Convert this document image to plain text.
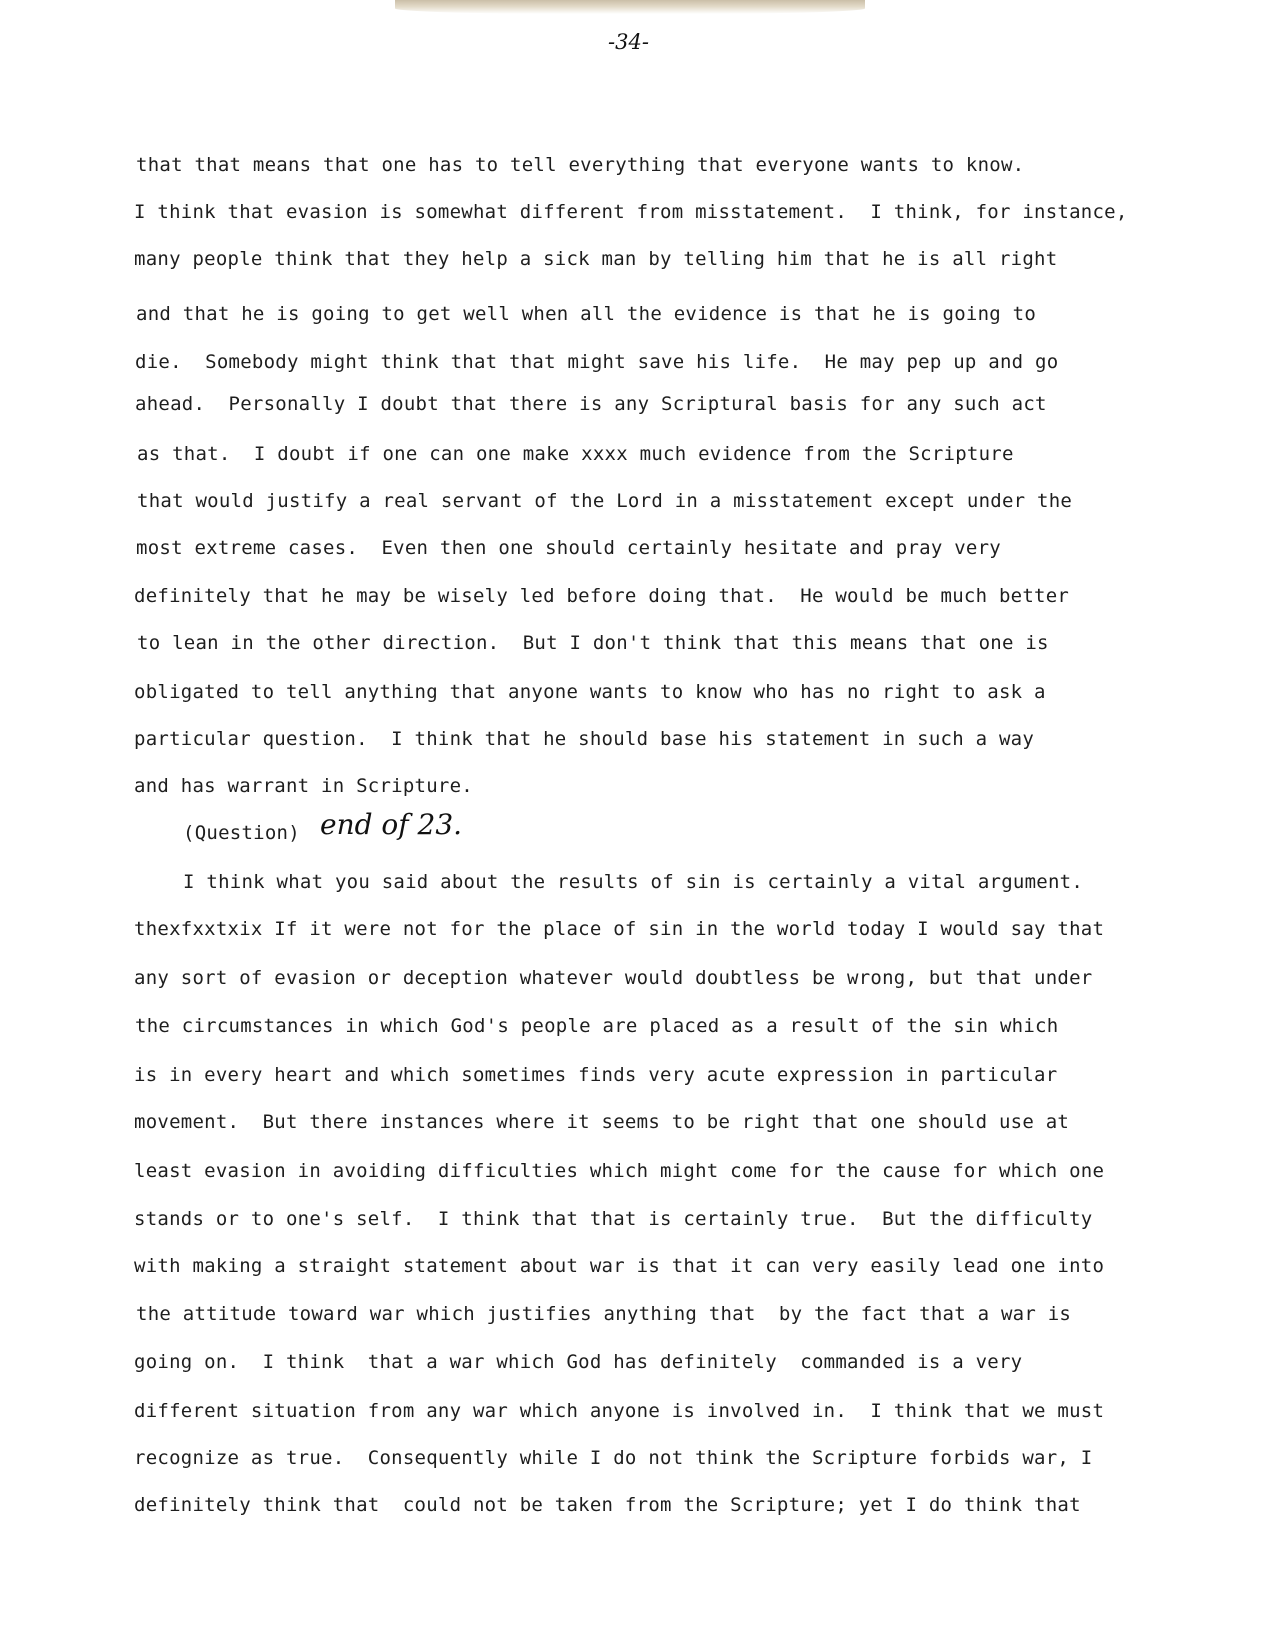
-34-
that that means that one has to tell everything that everyone wants to know.
I think that evasion is somewhat different from misstatement.  I think, for instance,
many people think that they help a sick man by telling him that he is all right
and that he is going to get well when all the evidence is that he is going to
die.  Somebody might think that that might save his life.  He may pep up and go
ahead.  Personally I doubt that there is any Scriptural basis for any such act
as that.  I doubt if one can one make xxxx much evidence from the Scripture
that would justify a real servant of the Lord in a misstatement except under the
most extreme cases.  Even then one should certainly hesitate and pray very
definitely that he may be wisely led before doing that.  He would be much better
to lean in the other direction.  But I don't think that this means that one is
obligated to tell anything that anyone wants to know who has no right to ask a
particular question.  I think that he should base his statement in such a way
and has warrant in Scripture.
(Question) end of 23.
I think what you said about the results of sin is certainly a vital argument.
thexfxxtxix If it were not for the place of sin in the world today I would say that
any sort of evasion or deception whatever would doubtless be wrong, but that under
the circumstances in which God's people are placed as a result of the sin which
is in every heart and which sometimes finds very acute expression in particular
movement.  But there instances where it seems to be right that one should use at
least evasion in avoiding difficulties which might come for the cause for which one
stands or to one's self.  I think that that is certainly true.  But the difficulty
with making a straight statement about war is that it can very easily lead one into
the attitude toward war which justifies anything that  by the fact that a war is
going on.  I think  that a war which God has definitely  commanded is a very
different situation from any war which anyone is involved in.  I think that we must
recognize as true.  Consequently while I do not think the Scripture forbids war, I
definitely think that  could not be taken from the Scripture; yet I do think that
